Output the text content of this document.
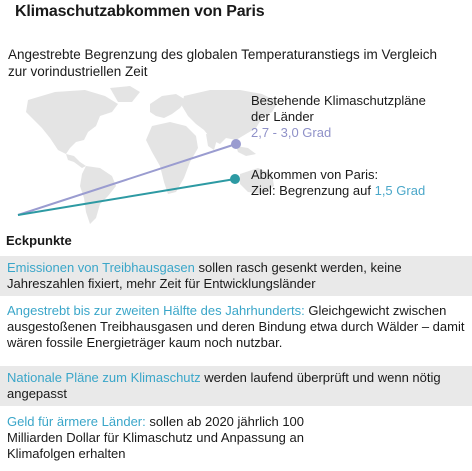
Klimaschutzabkommen von Paris
Angestrebte Begrenzung des globalen Temperaturanstiegs im Vergleich zur vorindustriellen Zeit
Bestehende Klimaschutzpläne der Länder
2,7 - 3,0 Grad
Abkommen von Paris:
Ziel: Begrenzung auf 1,5 Grad
Eckpunkte
Emissionen von Treibhausgasen sollen rasch gesenkt werden, keine Jahreszahlen fixiert, mehr Zeit für Entwicklungsländer
Angestrebt bis zur zweiten Hälfte des Jahrhunderts: Gleichgewicht zwischen ausgestoßenen Treibhausgasen und deren Bindung etwa durch Wälder – damit wären fossile Energieträger kaum noch nutzbar.
Nationale Pläne zum Klimaschutz werden laufend überprüft und wenn nötig angepasst
Geld für ärmere Länder: sollen ab 2020 jährlich 100 Milliarden Dollar für Klimaschutz und Anpassung an Klimafolgen erhalten
